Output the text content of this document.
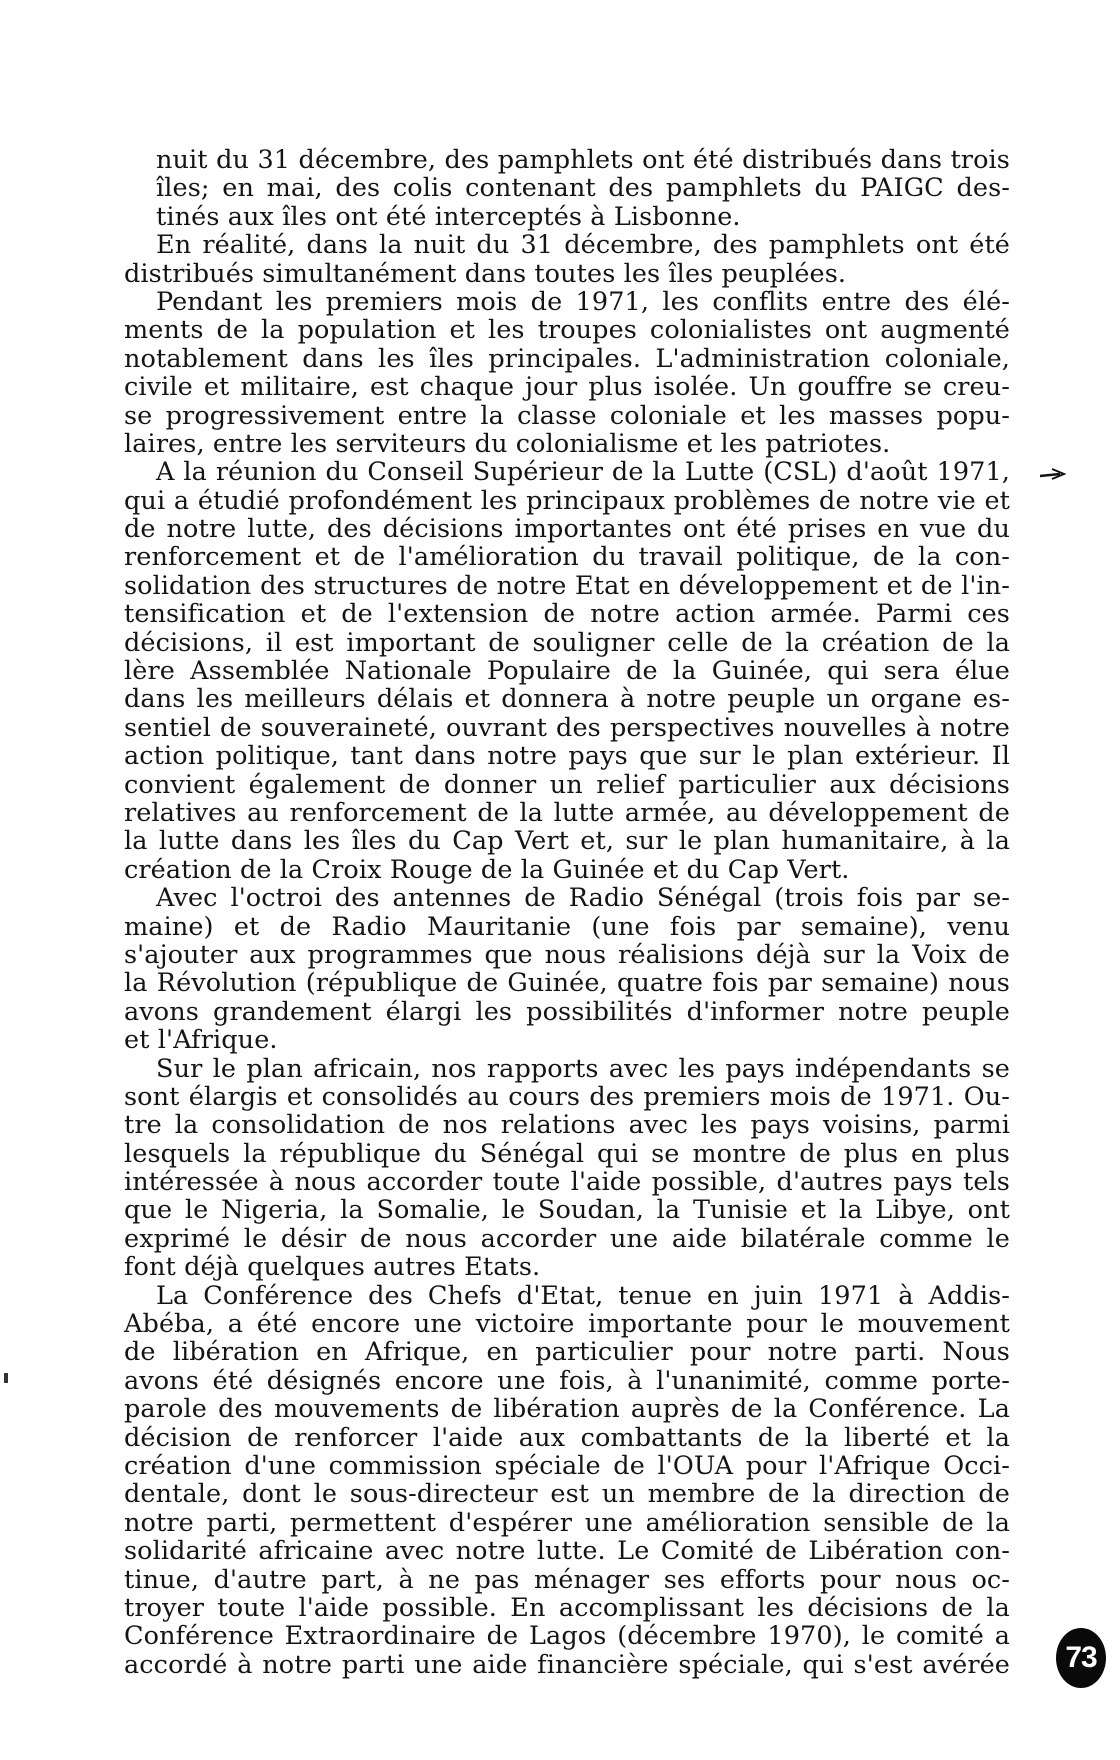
nuit du 31 décembre, des pamphlets ont été distribués dans trois
îles; en mai, des colis contenant des pamphlets du PAIGC des-
tinés aux îles ont été interceptés à Lisbonne.
En réalité, dans la nuit du 31 décembre, des pamphlets ont été
distribués simultanément dans toutes les îles peuplées.
Pendant les premiers mois de 1971, les conflits entre des élé-
ments de la population et les troupes colonialistes ont augmenté
notablement dans les îles principales. L'administration coloniale,
civile et militaire, est chaque jour plus isolée. Un gouffre se creu-
se progressivement entre la classe coloniale et les masses popu-
laires, entre les serviteurs du colonialisme et les patriotes.
A la réunion du Conseil Supérieur de la Lutte (CSL) d'août 1971,
qui a étudié profondément les principaux problèmes de notre vie et
de notre lutte, des décisions importantes ont été prises en vue du
renforcement et de l'amélioration du travail politique, de la con-
solidation des structures de notre Etat en développement et de l'in-
tensification et de l'extension de notre action armée. Parmi ces
décisions, il est important de souligner celle de la création de la
lère Assemblée Nationale Populaire de la Guinée, qui sera élue
dans les meilleurs délais et donnera à notre peuple un organe es-
sentiel de souveraineté, ouvrant des perspectives nouvelles à notre
action politique, tant dans notre pays que sur le plan extérieur. Il
convient également de donner un relief particulier aux décisions
relatives au renforcement de la lutte armée, au développement de
la lutte dans les îles du Cap Vert et, sur le plan humanitaire, à la
création de la Croix Rouge de la Guinée et du Cap Vert.
Avec l'octroi des antennes de Radio Sénégal (trois fois par se-
maine) et de Radio Mauritanie (une fois par semaine), venu
s'ajouter aux programmes que nous réalisions déjà sur la Voix de
la Révolution (république de Guinée, quatre fois par semaine) nous
avons grandement élargi les possibilités d'informer notre peuple
et l'Afrique.
Sur le plan africain, nos rapports avec les pays indépendants se
sont élargis et consolidés au cours des premiers mois de 1971. Ou-
tre la consolidation de nos relations avec les pays voisins, parmi
lesquels la république du Sénégal qui se montre de plus en plus
intéressée à nous accorder toute l'aide possible, d'autres pays tels
que le Nigeria, la Somalie, le Soudan, la Tunisie et la Libye, ont
exprimé le désir de nous accorder une aide bilatérale comme le
font déjà quelques autres Etats.
La Conférence des Chefs d'Etat, tenue en juin 1971 à Addis-
Abéba, a été encore une victoire importante pour le mouvement
de libération en Afrique, en particulier pour notre parti. Nous
avons été désignés encore une fois, à l'unanimité, comme porte-
parole des mouvements de libération auprès de la Conférence. La
décision de renforcer l'aide aux combattants de la liberté et la
création d'une commission spéciale de l'OUA pour l'Afrique Occi-
dentale, dont le sous-directeur est un membre de la direction de
notre parti, permettent d'espérer une amélioration sensible de la
solidarité africaine avec notre lutte. Le Comité de Libération con-
tinue, d'autre part, à ne pas ménager ses efforts pour nous oc-
troyer toute l'aide possible. En accomplissant les décisions de la
Conférence Extraordinaire de Lagos (décembre 1970), le comité a
accordé à notre parti une aide financière spéciale, qui s'est avérée 73
